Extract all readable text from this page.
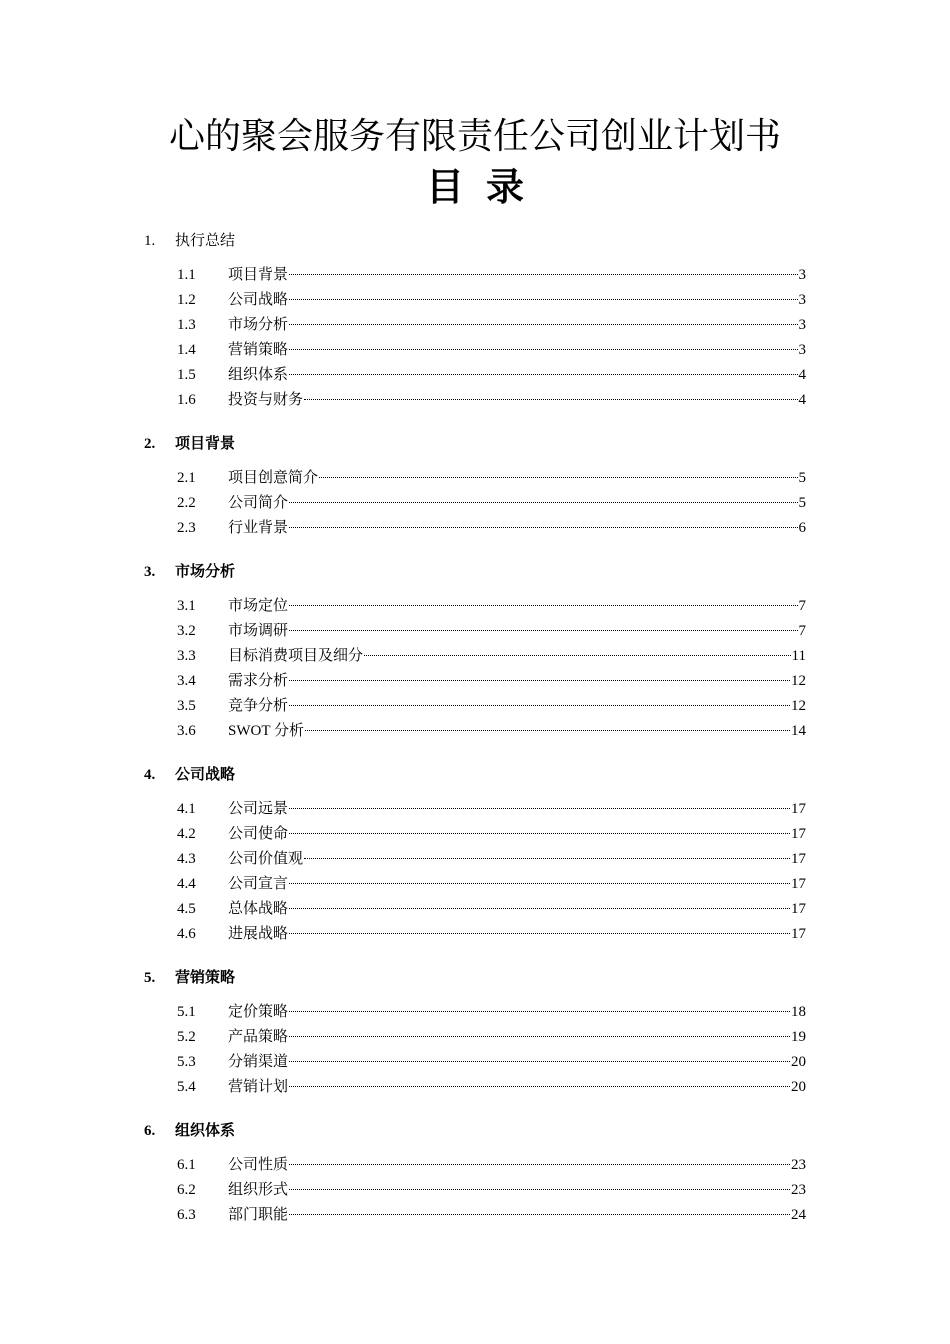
心的聚会服务有限责任公司创业计划书
目录
1. 执行总结
1.1 项目背景	3
1.2 公司战略	3
1.3 市场分析	3
1.4 营销策略	3
1.5 组织体系	4
1.6 投资与财务	4
2. 项目背景
2.1 项目创意简介	5
2.2 公司简介	5
2.3 行业背景	6
3. 市场分析
3.1 市场定位	7
3.2 市场调研	7
3.3 目标消费项目及细分	11
3.4 需求分析	12
3.5 竞争分析	12
3.6 SWOT 分析	14
4. 公司战略
4.1 公司远景	17
4.2 公司使命	17
4.3 公司价值观	17
4.4 公司宣言	17
4.5 总体战略	17
4.6 进展战略	17
5. 营销策略
5.1 定价策略	18
5.2 产品策略	19
5.3 分销渠道	20
5.4 营销计划	20
6. 组织体系
6.1 公司性质	23
6.2 组织形式	23
6.3 部门职能	24
